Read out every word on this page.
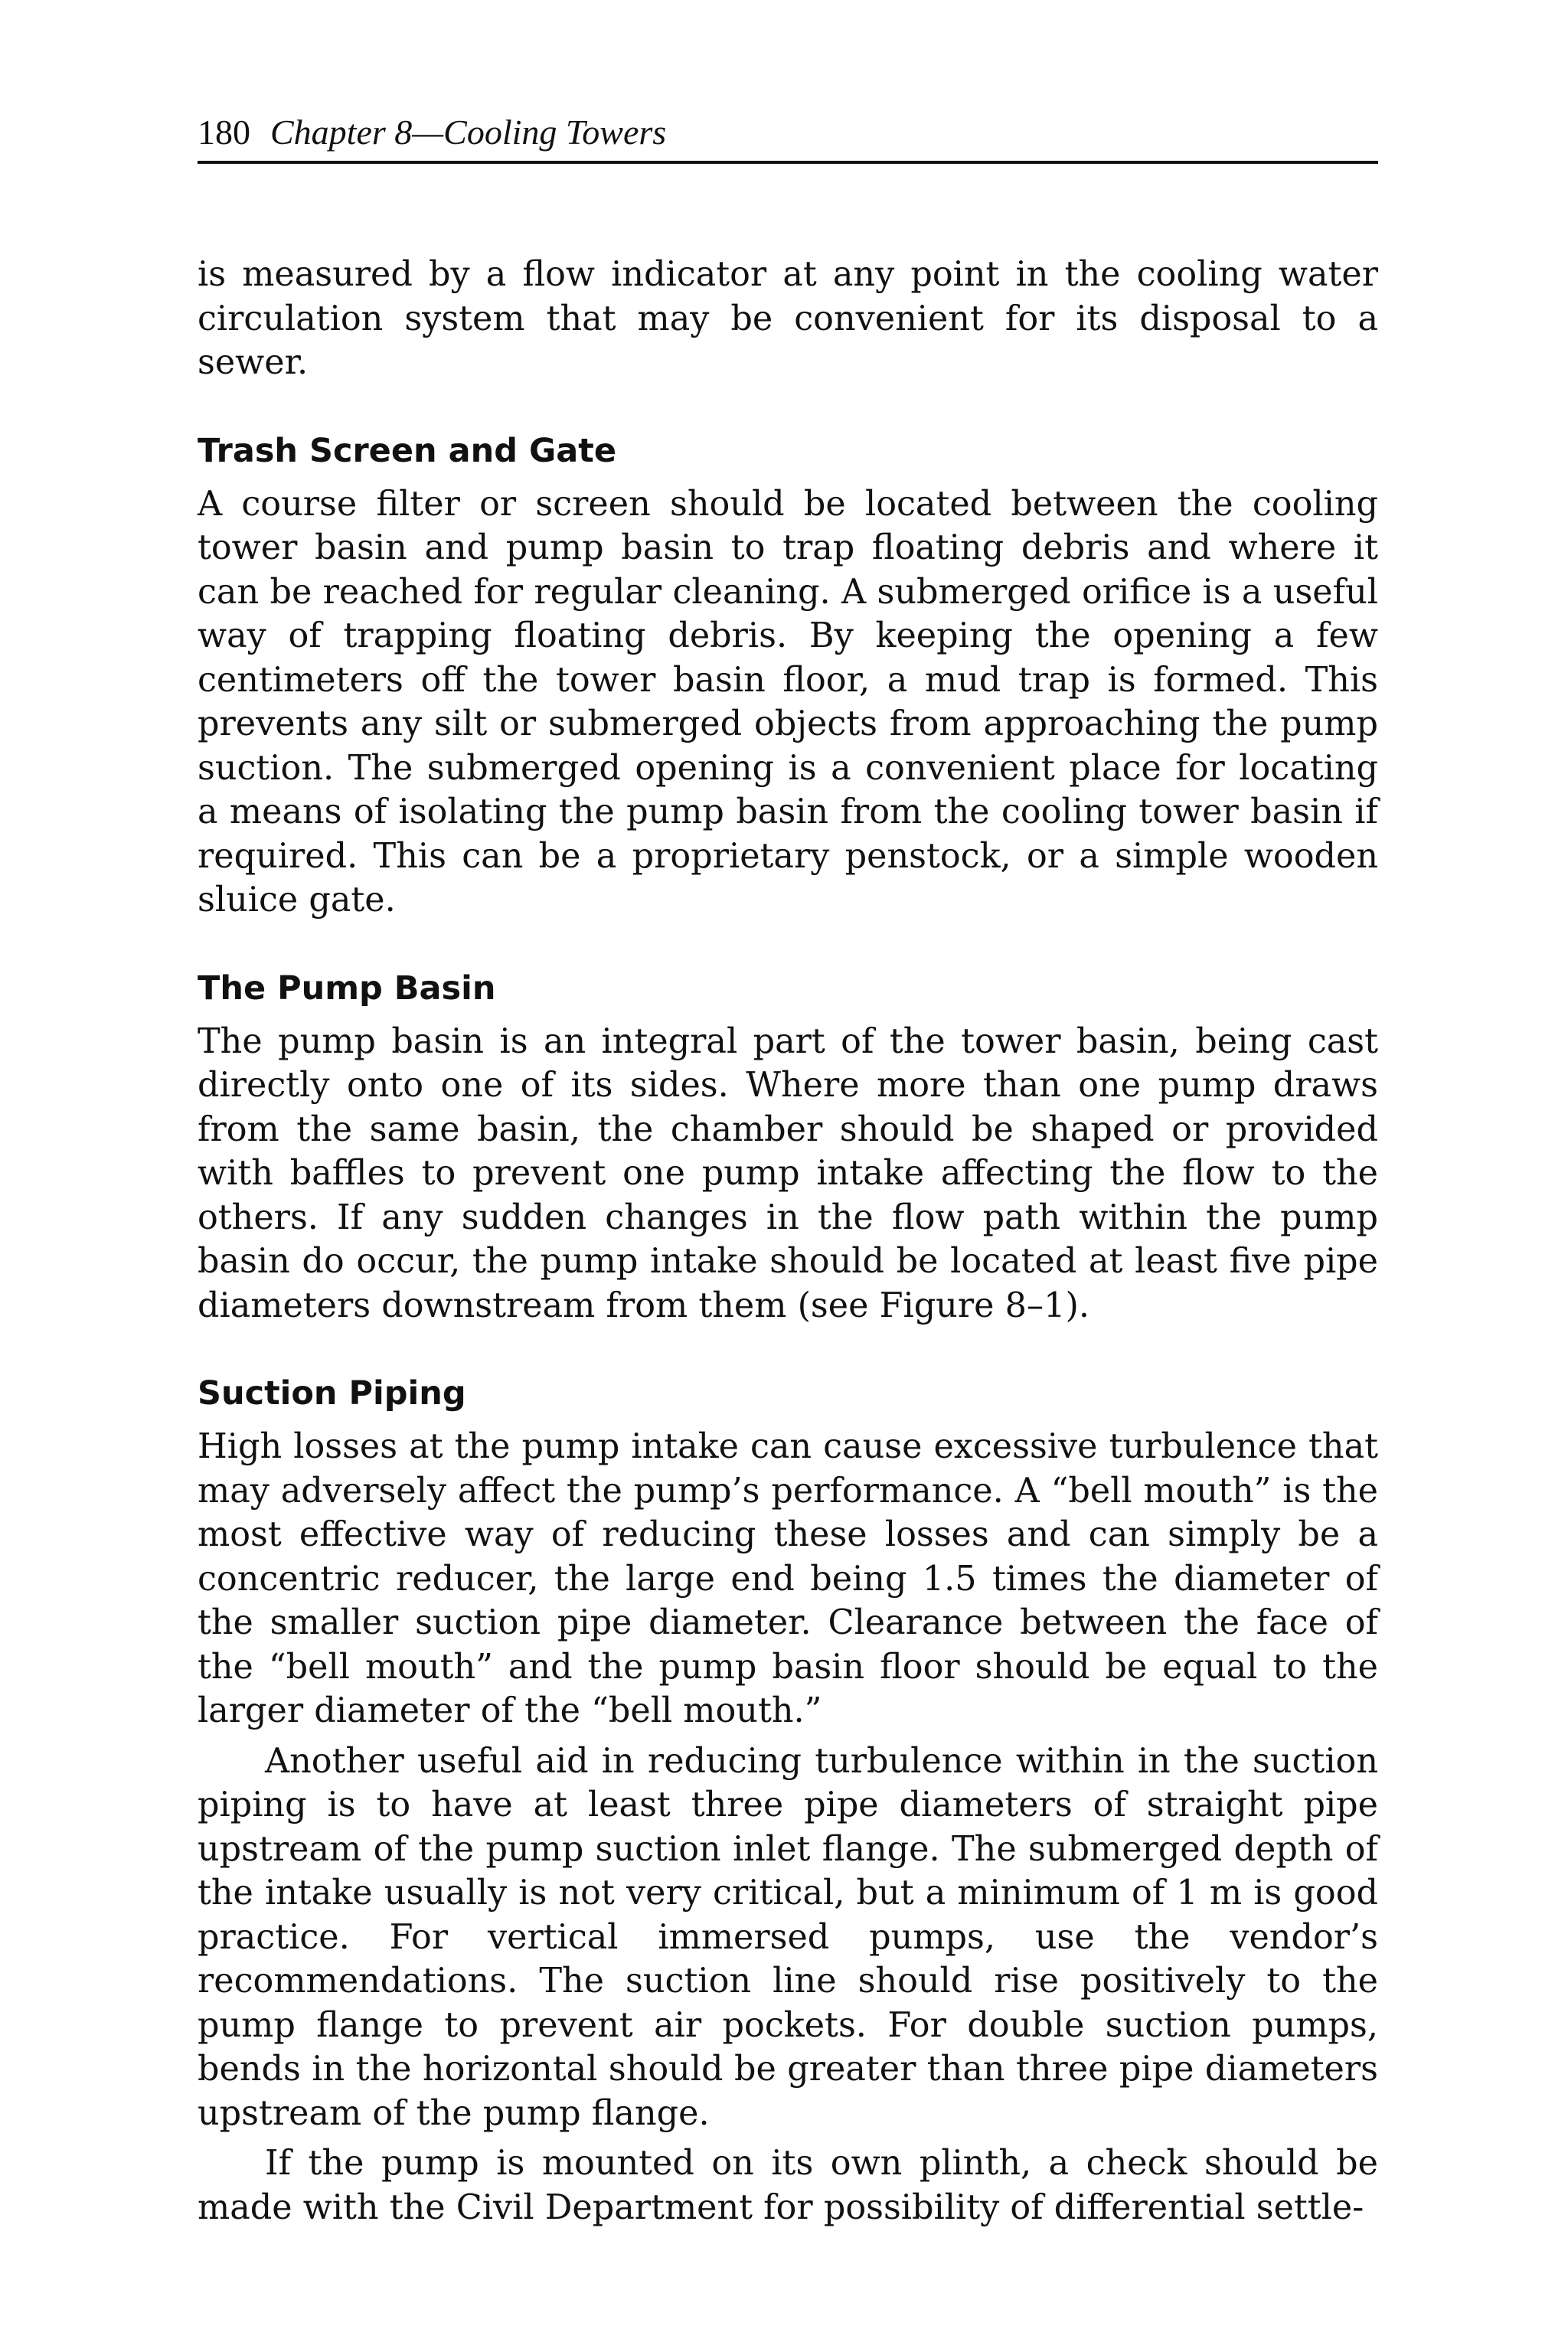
180 Chapter 8—Cooling Towers

is measured by a flow indicator at any point in the cooling water circulation system that may be convenient for its disposal to a sewer.

Trash Screen and Gate

A course filter or screen should be located between the cooling tower basin and pump basin to trap floating debris and where it can be reached for regular cleaning. A submerged orifice is a useful way of trapping floating debris. By keeping the opening a few centimeters off the tower basin floor, a mud trap is formed. This prevents any silt or submerged objects from approaching the pump suction. The submerged opening is a convenient place for locating a means of isolating the pump basin from the cooling tower basin if required. This can be a proprietary penstock, or a simple wooden sluice gate.

The Pump Basin

The pump basin is an integral part of the tower basin, being cast directly onto one of its sides. Where more than one pump draws from the same basin, the chamber should be shaped or provided with baffles to prevent one pump intake affecting the flow to the others. If any sudden changes in the flow path within the pump basin do occur, the pump intake should be located at least five pipe diameters downstream from them (see Figure 8–1).

Suction Piping

High losses at the pump intake can cause excessive turbulence that may adversely affect the pump’s performance. A “bell mouth” is the most effective way of reducing these losses and can simply be a concentric reducer, the large end being 1.5 times the diameter of the smaller suction pipe diameter. Clearance between the face of the “bell mouth” and the pump basin floor should be equal to the larger diameter of the “bell mouth.”

Another useful aid in reducing turbulence within in the suction piping is to have at least three pipe diameters of straight pipe upstream of the pump suction inlet flange. The submerged depth of the intake usually is not very critical, but a minimum of 1 m is good practice. For vertical immersed pumps, use the vendor’s recommendations. The suction line should rise positively to the pump flange to prevent air pockets. For double suction pumps, bends in the horizontal should be greater than three pipe diameters upstream of the pump flange.

If the pump is mounted on its own plinth, a check should be made with the Civil Department for possibility of differential settle-
